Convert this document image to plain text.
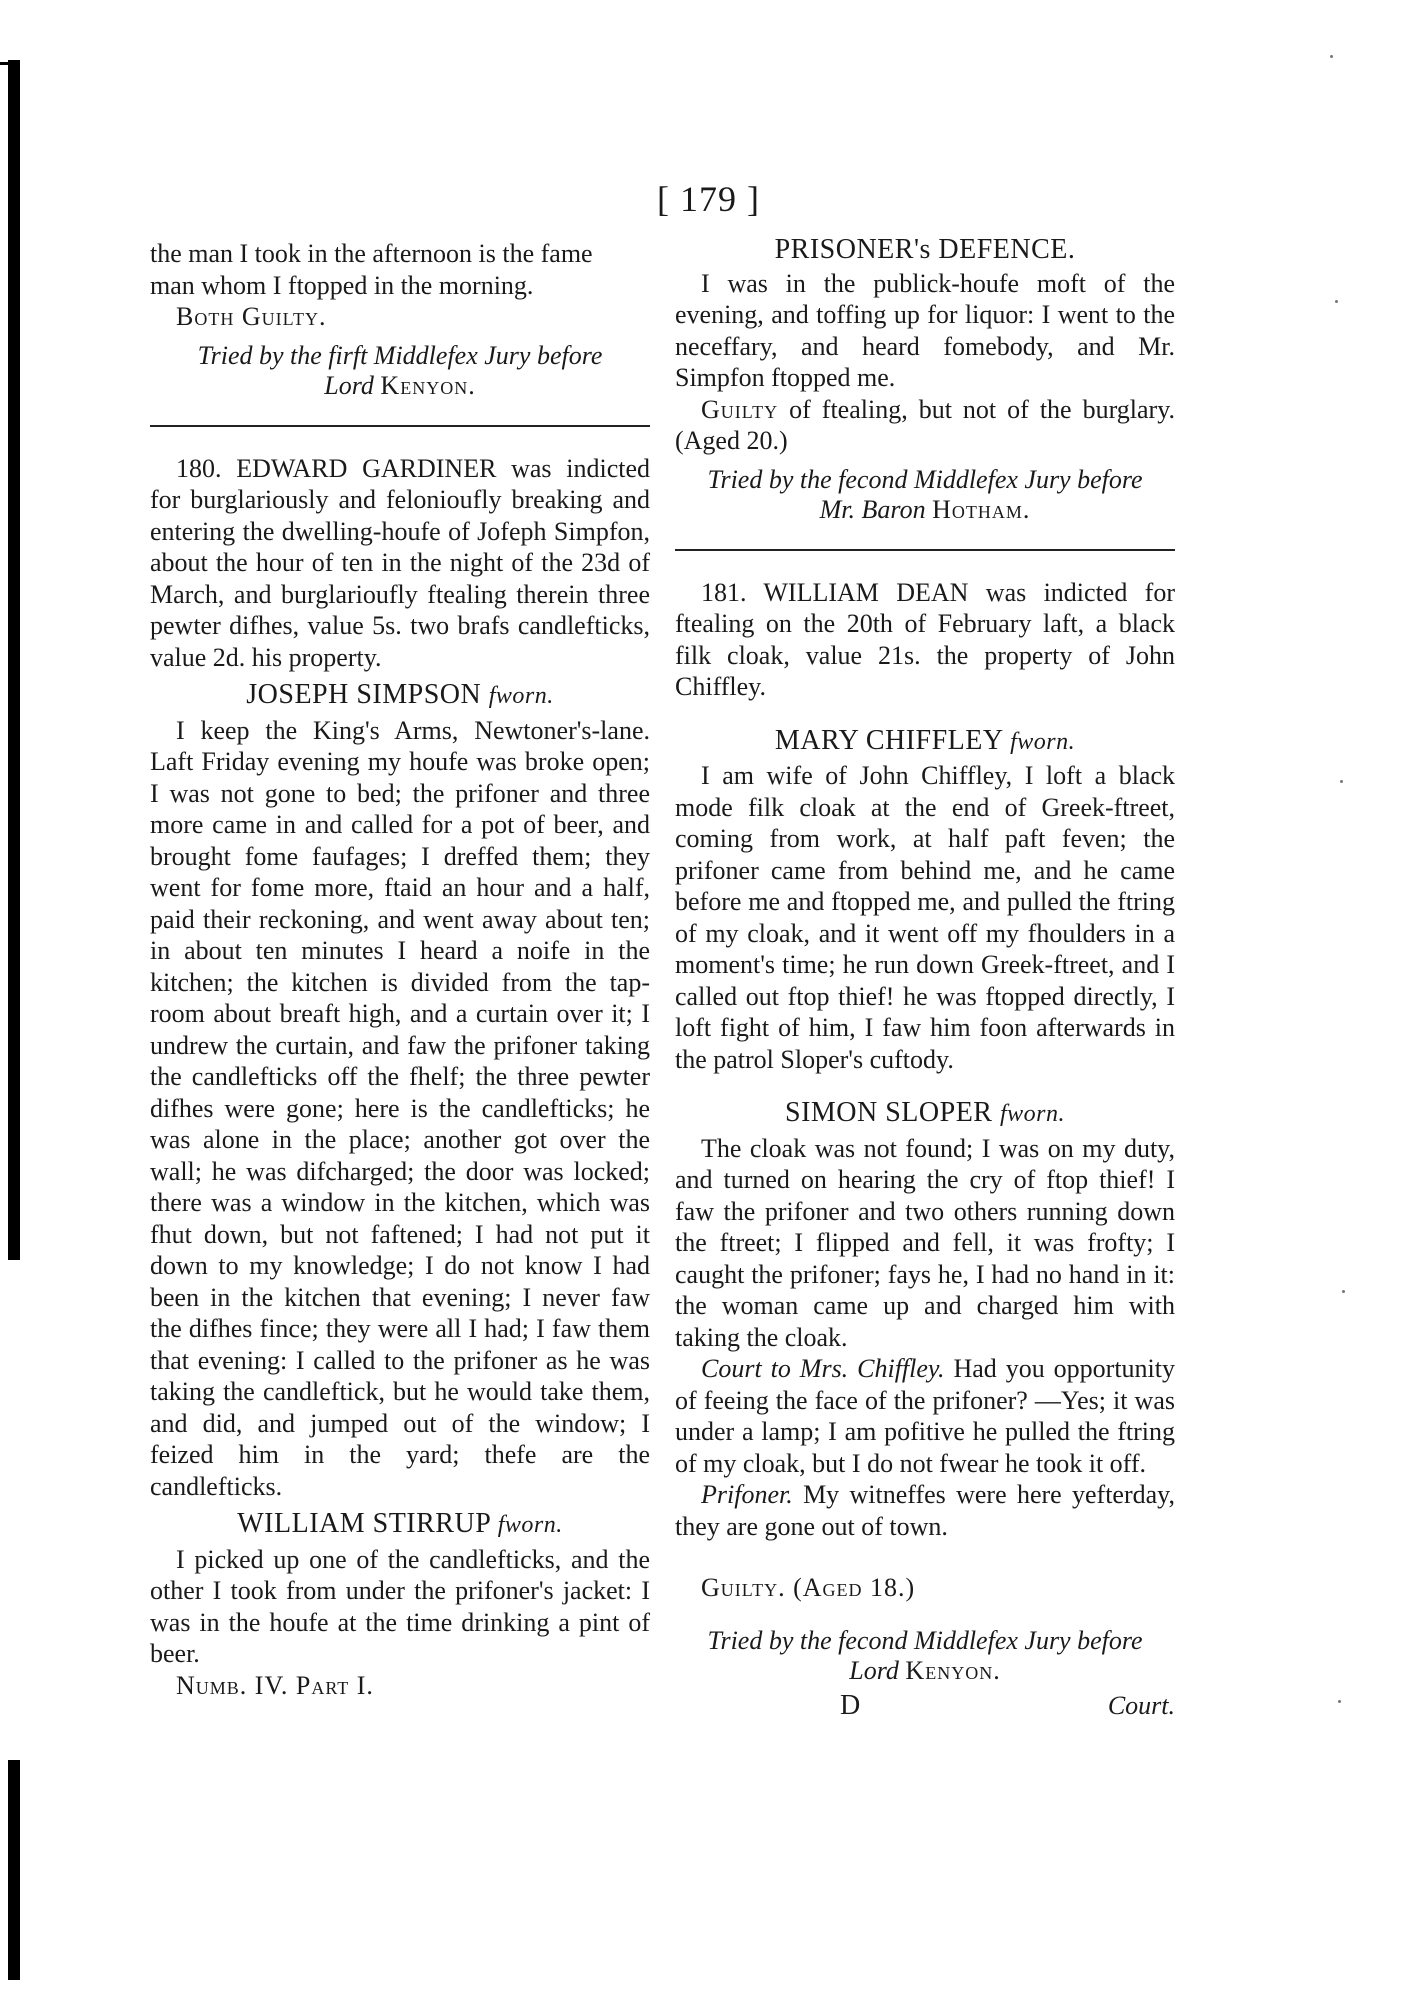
[ 179 ]

the man I took in the afternoon is the fame

man whom I ftopped in the morning.

Both Guilty.

Tried by the firft Middlefex Jury before
Lord Kenyon.

180. EDWARD GARDINER was indicted for burglariously and felonioufly breaking and entering the dwelling-houfe of Jofeph Simpfon, about the hour of ten in the night of the 23d of March, and burglarioufly ftealing therein three pewter difhes, value 5s. two brafs candlefticks, value 2d. his property.

JOSEPH SIMPSON fworn.

I keep the King's Arms, Newtoner's-lane. Laft Friday evening my houfe was broke open; I was not gone to bed; the prifoner and three more came in and called for a pot of beer, and brought fome faufages; I dreffed them; they went for fome more, ftaid an hour and a half, paid their reckoning, and went away about ten; in about ten minutes I heard a noife in the kitchen; the kitchen is divided from the tap-room about breaft high, and a curtain over it; I undrew the curtain, and faw the prifoner taking the candlefticks off the fhelf; the three pewter difhes were gone; here is the candlefticks; he was alone in the place; another got over the wall; he was difcharged; the door was locked; there was a window in the kitchen, which was fhut down, but not faftened; I had not put it down to my knowledge; I do not know I had been in the kitchen that evening; I never faw the difhes fince; they were all I had; I faw them that evening: I called to the prifoner as he was taking the candleftick, but he would take them, and did, and jumped out of the window; I feized him in the yard; thefe are the candlefticks.

WILLIAM STIRRUP fworn.

I picked up one of the candlefticks, and the other I took from under the prifoner's jacket: I was in the houfe at the time drinking a pint of beer.

Numb. IV. Part I.

PRISONER's DEFENCE.

I was in the publick-houfe moft of the evening, and toffing up for liquor: I went to the neceffary, and heard fomebody, and Mr. Simpfon ftopped me.

Guilty of ftealing, but not of the burglary. (Aged 20.)

Tried by the fecond Middlefex Jury before
Mr. Baron Hotham.

181. WILLIAM DEAN was indicted for ftealing on the 20th of February laft, a black filk cloak, value 21s. the property of John Chiffley.

MARY CHIFFLEY fworn.

I am wife of John Chiffley, I loft a black mode filk cloak at the end of Greek-ftreet, coming from work, at half paft feven; the prifoner came from behind me, and he came before me and ftopped me, and pulled the ftring of my cloak, and it went off my fhoulders in a moment's time; he run down Greek-ftreet, and I called out ftop thief! he was ftopped directly, I loft fight of him, I faw him foon afterwards in the patrol Sloper's cuftody.

SIMON SLOPER fworn.

The cloak was not found; I was on my duty, and turned on hearing the cry of ftop thief! I faw the prifoner and two others running down the ftreet; I flipped and fell, it was frofty; I caught the prifoner; fays he, I had no hand in it: the woman came up and charged him with taking the cloak.

Court to Mrs. Chiffley. Had you opportunity of feeing the face of the prifoner? —Yes; it was under a lamp; I am pofitive he pulled the ftring of my cloak, but I do not fwear he took it off.

Prifoner. My witneffes were here yefterday, they are gone out of town.

Guilty. (Aged 18.)

Tried by the fecond Middlefex Jury before
Lord Kenyon.
D	Court.
